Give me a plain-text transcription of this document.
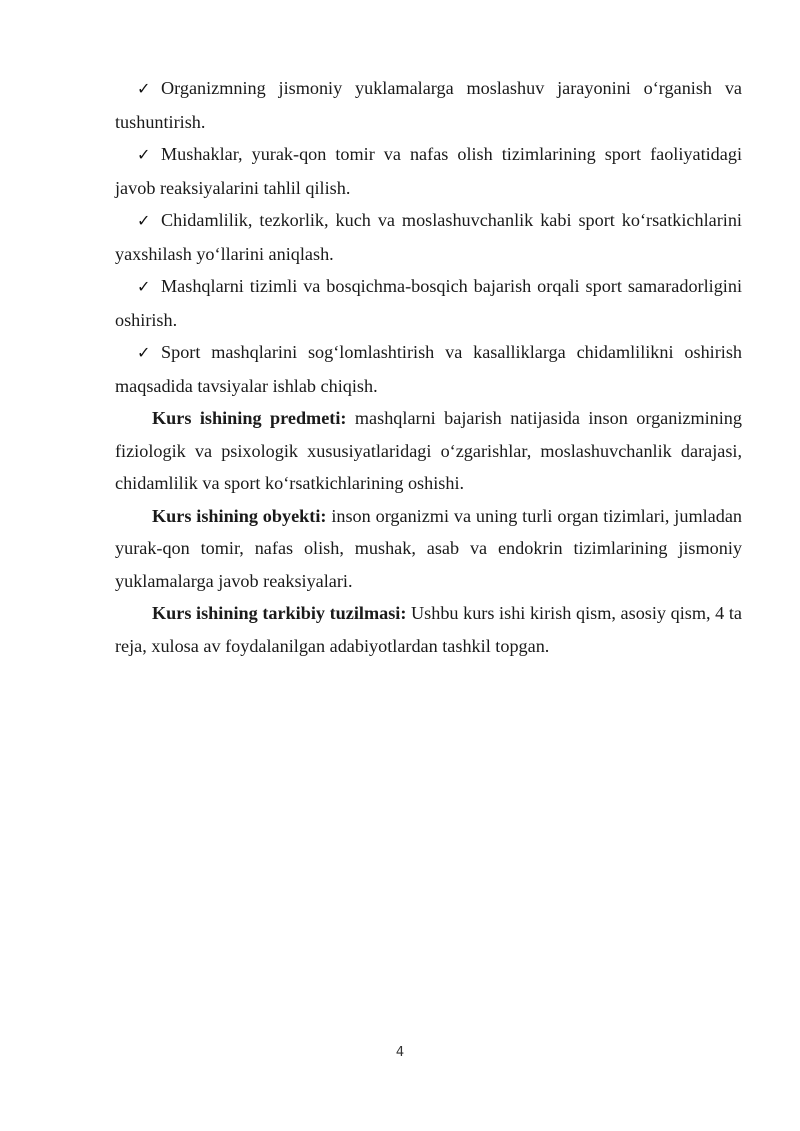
✓ Organizmning jismoniy yuklamalarga moslashuv jarayonini o‘rganish va tushuntirish.

✓ Mushaklar, yurak-qon tomir va nafas olish tizimlarining sport faoliyatidagi javob reaksiyalarini tahlil qilish.

✓ Chidamlilik, tezkorlik, kuch va moslashuvchanlik kabi sport ko‘rsatkichlarini yaxshilash yo‘llarini aniqlash.

✓ Mashqlarni tizimli va bosqichma-bosqich bajarish orqali sport samaradorligini oshirish.

✓ Sport mashqlarini sog‘lomlashtirish va kasalliklarga chidamlilikni oshirish maqsadida tavsiyalar ishlab chiqish.

Kurs ishining predmeti: mashqlarni bajarish natijasida inson organizmining fiziologik va psixologik xususiyatlaridagi o‘zgarishlar, moslashuvchanlik darajasi, chidamlilik va sport ko‘rsatkichlarining oshishi.

Kurs ishining obyekti: inson organizmi va uning turli organ tizimlari, jumladan yurak-qon tomir, nafas olish, mushak, asab va endokrin tizimlarining jismoniy yuklamalarga javob reaksiyalari.

Kurs ishining tarkibiy tuzilmasi: Ushbu kurs ishi kirish qism, asosiy qism, 4 ta reja, xulosa av foydalanilgan adabiyotlardan tashkil topgan.

4
